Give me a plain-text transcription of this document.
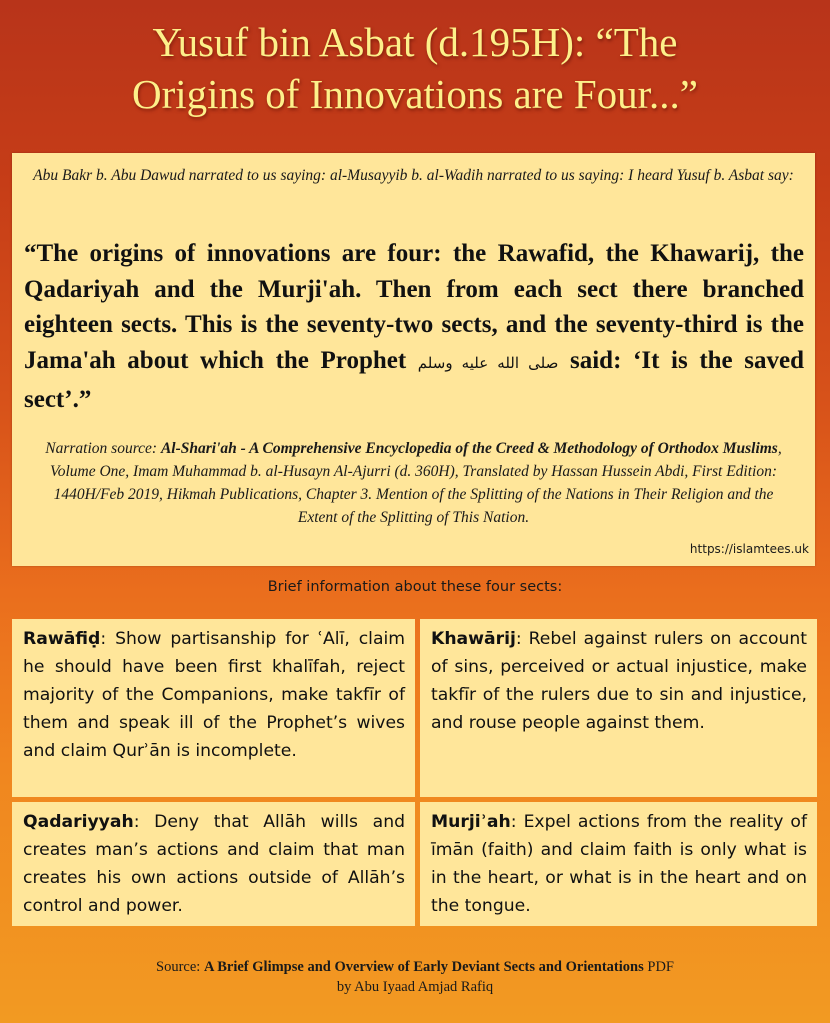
Yusuf bin Asbat (d.195H): “The
Origins of Innovations are Four...”
Abu Bakr b. Abu Dawud narrated to us saying: al-Musayyib b. al-Wadih narrated to us saying: I heard Yusuf b. Asbat say:
“The origins of innovations are four: the Rawafid, the Khawarij, the Qadariyah and the Murji'ah. Then from each sect there branched eighteen sects. This is the seventy-two sects, and the seventy-third is the Jama'ah about which the Prophet صلى الله عليه وسلم said: ‘It is the saved sect’.”
Narration source: Al-Shari'ah - A Comprehensive Encyclopedia of the Creed & Methodology of Orthodox Muslims, Volume One, Imam Muhammad b. al-Husayn Al-Ajurri (d. 360H), Translated by Hassan Hussein Abdi, First Edition: 1440H/Feb 2019, Hikmah Publications, Chapter 3. Mention of the Splitting of the Nations in Their Religion and the Extent of the Splitting of This Nation.
https://islamtees.uk
Brief information about these four sects:
Rawāfiḍ: Show partisanship for ʿAlī, claim he should have been first khalīfah, reject majority of the Companions, make takfīr of them and speak ill of the Prophet’s wives and claim Qurʾān is incomplete.
Khawārij: Rebel against rulers on account of sins, perceived or actual injustice, make takfīr of the rulers due to sin and injustice, and rouse people against them.
Qadariyyah: Deny that Allāh wills and creates man’s actions and claim that man creates his own actions outside of Allāh’s control and power.
Murjiʾah: Expel actions from the reality of īmān (faith) and claim faith is only what is in the heart, or what is in the heart and on the tongue.
Source: A Brief Glimpse and Overview of Early Deviant Sects and Orientations PDF
by Abu Iyaad Amjad Rafiq
